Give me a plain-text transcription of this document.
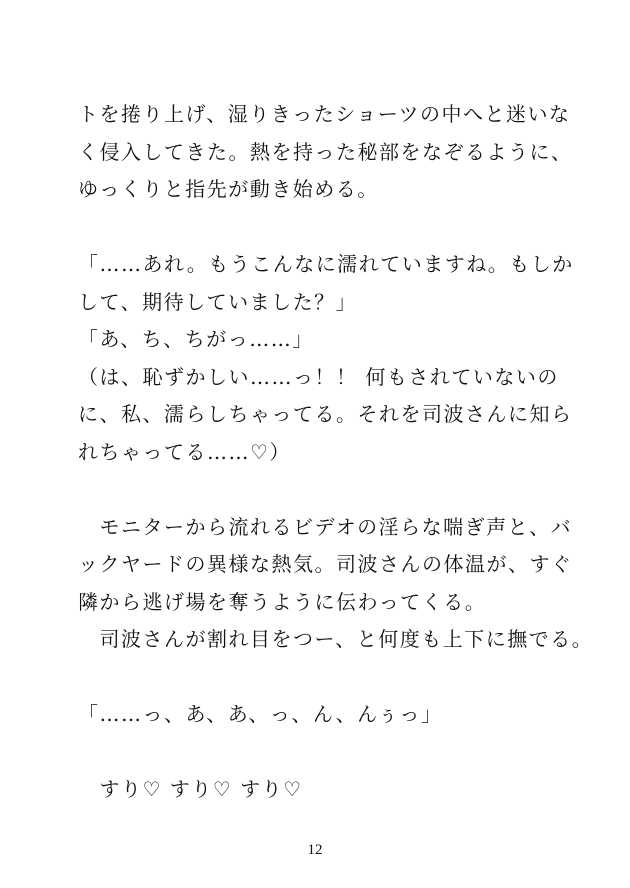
トを捲り上げ、湿りきったショーツの中へと迷いな
く侵入してきた。熱を持った秘部をなぞるように、
ゆっくりと指先が動き始める。
「……あれ。もうこんなに濡れていますね。もしか
して、期待していました？」
「あ、ち、ちがっ……」
（は、恥ずかしい……っ！！ 何もされていないの
に、私、濡らしちゃってる。それを司波さんに知ら
れちゃってる……♡）
　モニターから流れるビデオの淫らな喘ぎ声と、バ
ックヤードの異様な熱気。司波さんの体温が、すぐ
隣から逃げ場を奪うように伝わってくる。
　司波さんが割れ目をつー、と何度も上下に撫でる。
「……っ、あ、あ、っ、ん、んぅっ」
　すり♡ すり♡ すり♡
12
